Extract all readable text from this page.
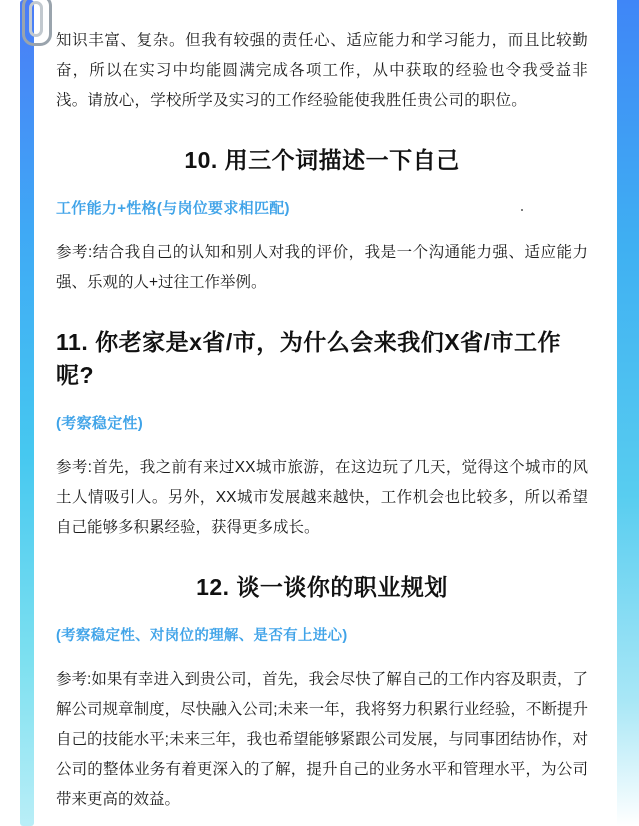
知识丰富、复杂。但我有较强的责任心、适应能力和学习能力，而且比较勤奋，所以在实习中均能圆满完成各项工作，从中获取的经验也令我受益非浅。请放心，学校所学及实习的工作经验能使我胜任贵公司的职位。

10. 用三个词描述一下自己
工作能力+性格(与岗位要求相匹配)

参考:结合我自己的认知和别人对我的评价，我是一个沟通能力强、适应能力强、乐观的人+过往工作举例。

11. 你老家是x省/市，为什么会来我们X省/市工作呢?
(考察稳定性)

参考:首先，我之前有来过XX城市旅游，在这边玩了几天，觉得这个城市的风土人情吸引人。另外，XX城市发展越来越快，工作机会也比较多，所以希望自己能够多积累经验，获得更多成长。

12. 谈一谈你的职业规划
(考察稳定性、对岗位的理解、是否有上进心)

参考:如果有幸进入到贵公司，首先，我会尽快了解自己的工作内容及职责，了解公司规章制度，尽快融入公司;未来一年，我将努力积累行业经验，不断提升自己的技能水平;未来三年，我也希望能够紧跟公司发展，与同事团结协作，对公司的整体业务有着更深入的了解，提升自己的业务水平和管理水平，为公司带来更高的效益。
